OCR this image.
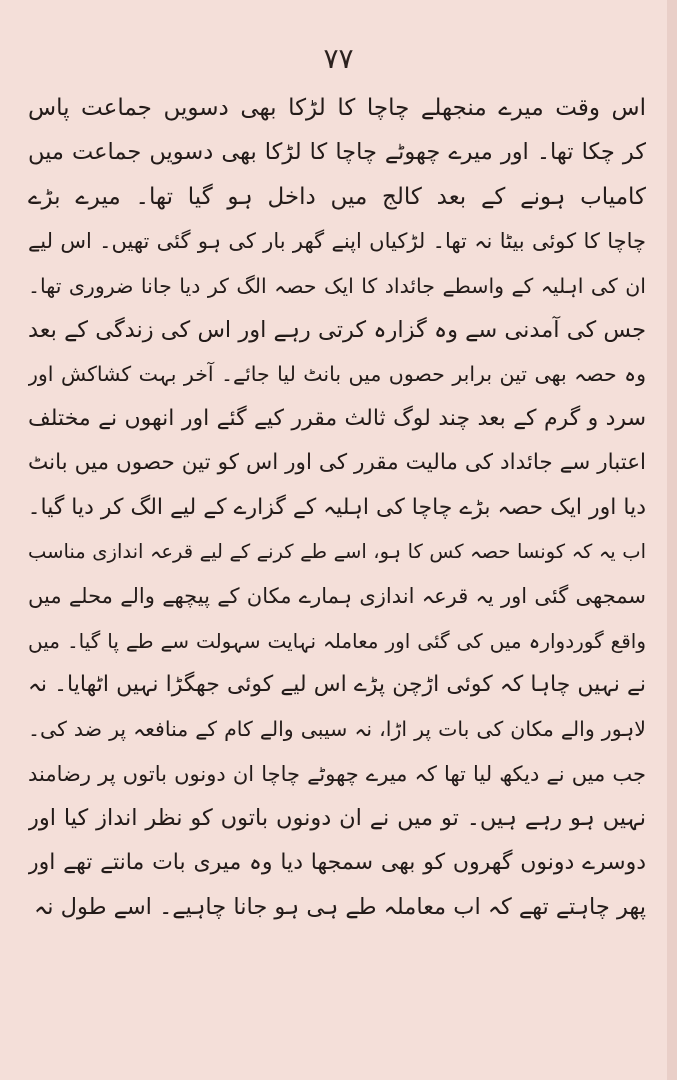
۷۷
اس وقت میرے منجھلے چاچا کا لڑکا بھی دسویں جماعت پاس
کر چکا تھا۔ اور میرے چھوٹے چاچا کا لڑکا بھی دسویں جماعت میں
کامیاب ہونے کے بعد کالج میں داخل ہو گیا تھا۔ میرے بڑے
چاچا کا کوئی بیٹا نہ تھا۔ لڑکیاں اپنے گھر بار کی ہو گئی تھیں۔ اس لیے
ان کی اہلیہ کے واسطے جائداد کا ایک حصہ الگ کر دیا جانا ضروری تھا۔
جس کی آمدنی سے وہ گزارہ کرتی رہے اور اس کی زندگی کے بعد
وہ حصہ بھی تین برابر حصوں میں بانٹ لیا جائے۔ آخر بہت کشاکش اور
سرد و گرم کے بعد چند لوگ ثالث مقرر کیے گئے اور انھوں نے مختلف
اعتبار سے جائداد کی مالیت مقرر کی اور اس کو تین حصوں میں بانٹ
دیا اور ایک حصہ بڑے چاچا کی اہلیہ کے گزارے کے لیے الگ کر دیا گیا۔
اب یہ کہ کونسا حصہ کس کا ہو، اسے طے کرنے کے لیے قرعہ اندازی مناسب
سمجھی گئی اور یہ قرعہ اندازی ہمارے مکان کے پیچھے والے محلے میں
واقع گوردوارہ میں کی گئی اور معاملہ نہایت سہولت سے طے پا گیا۔ میں
نے نہیں چاہا کہ کوئی اڑچن پڑے اس لیے کوئی جھگڑا نہیں اٹھایا۔ نہ
لاہور والے مکان کی بات پر اڑا، نہ سیبی والے کام کے منافعہ پر ضد کی۔
جب میں نے دیکھ لیا تھا کہ میرے چھوٹے چاچا ان دونوں باتوں پر رضامند
نہیں ہو رہے ہیں۔ تو میں نے ان دونوں باتوں کو نظر انداز کیا اور
دوسرے دونوں گھروں کو بھی سمجھا دیا وہ میری بات مانتے تھے اور
پھر چاہتے تھے کہ اب معاملہ طے ہی ہو جانا چاہیے۔ اسے طول نہ
